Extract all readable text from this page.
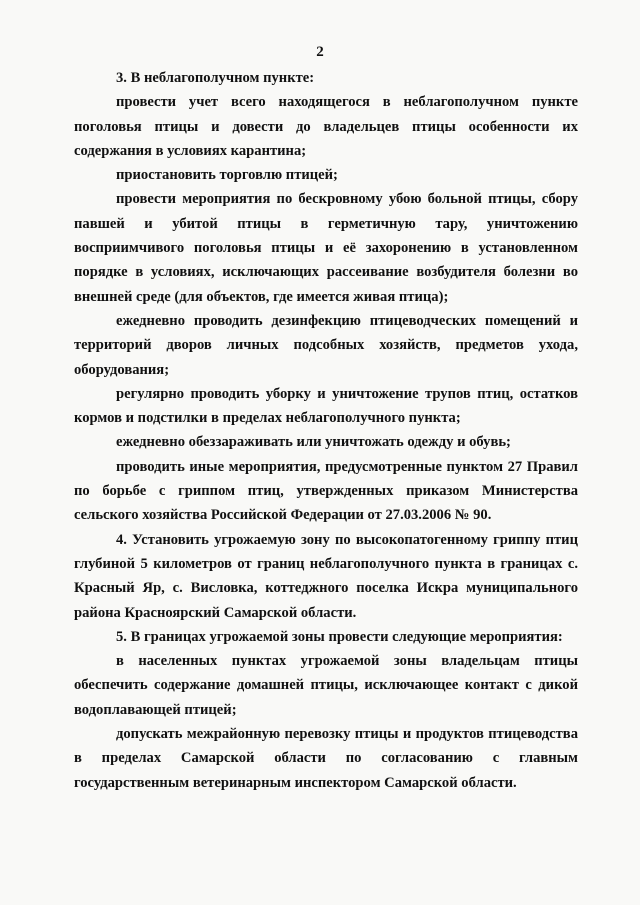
2

3. В неблагополучном пункте:

провести учет всего находящегося в неблагополучном пункте поголовья птицы и довести до владельцев птицы особенности их содержания в условиях карантина;

приостановить торговлю птицей;

провести мероприятия по бескровному убою больной птицы, сбору павшей и убитой птицы в герметичную тару, уничтожению восприимчивого поголовья птицы и её захоронению в установленном порядке в условиях, исключающих рассеивание возбудителя болезни во внешней среде (для объектов, где имеется живая птица);

ежедневно проводить дезинфекцию птицеводческих помещений и территорий дворов личных подсобных хозяйств, предметов ухода, оборудования;

регулярно проводить уборку и уничтожение трупов птиц, остатков кормов и подстилки в пределах неблагополучного пункта;

ежедневно обеззараживать или уничтожать одежду и обувь;

проводить иные мероприятия, предусмотренные пунктом 27 Правил по борьбе с гриппом птиц, утвержденных приказом Министерства сельского хозяйства Российской Федерации от 27.03.2006 № 90.

4. Установить угрожаемую зону по высокопатогенному гриппу птиц глубиной 5 километров от границ неблагополучного пункта в границах с. Красный Яр, с. Висловка, коттеджного поселка Искра муниципального района Красноярский Самарской области.

5. В границах угрожаемой зоны провести следующие мероприятия:

в населенных пунктах угрожаемой зоны владельцам птицы обеспечить содержание домашней птицы, исключающее контакт с дикой водоплавающей птицей;

допускать межрайонную перевозку птицы и продуктов птицеводства в пределах Самарской области по согласованию с главным государственным ветеринарным инспектором Самарской области.
